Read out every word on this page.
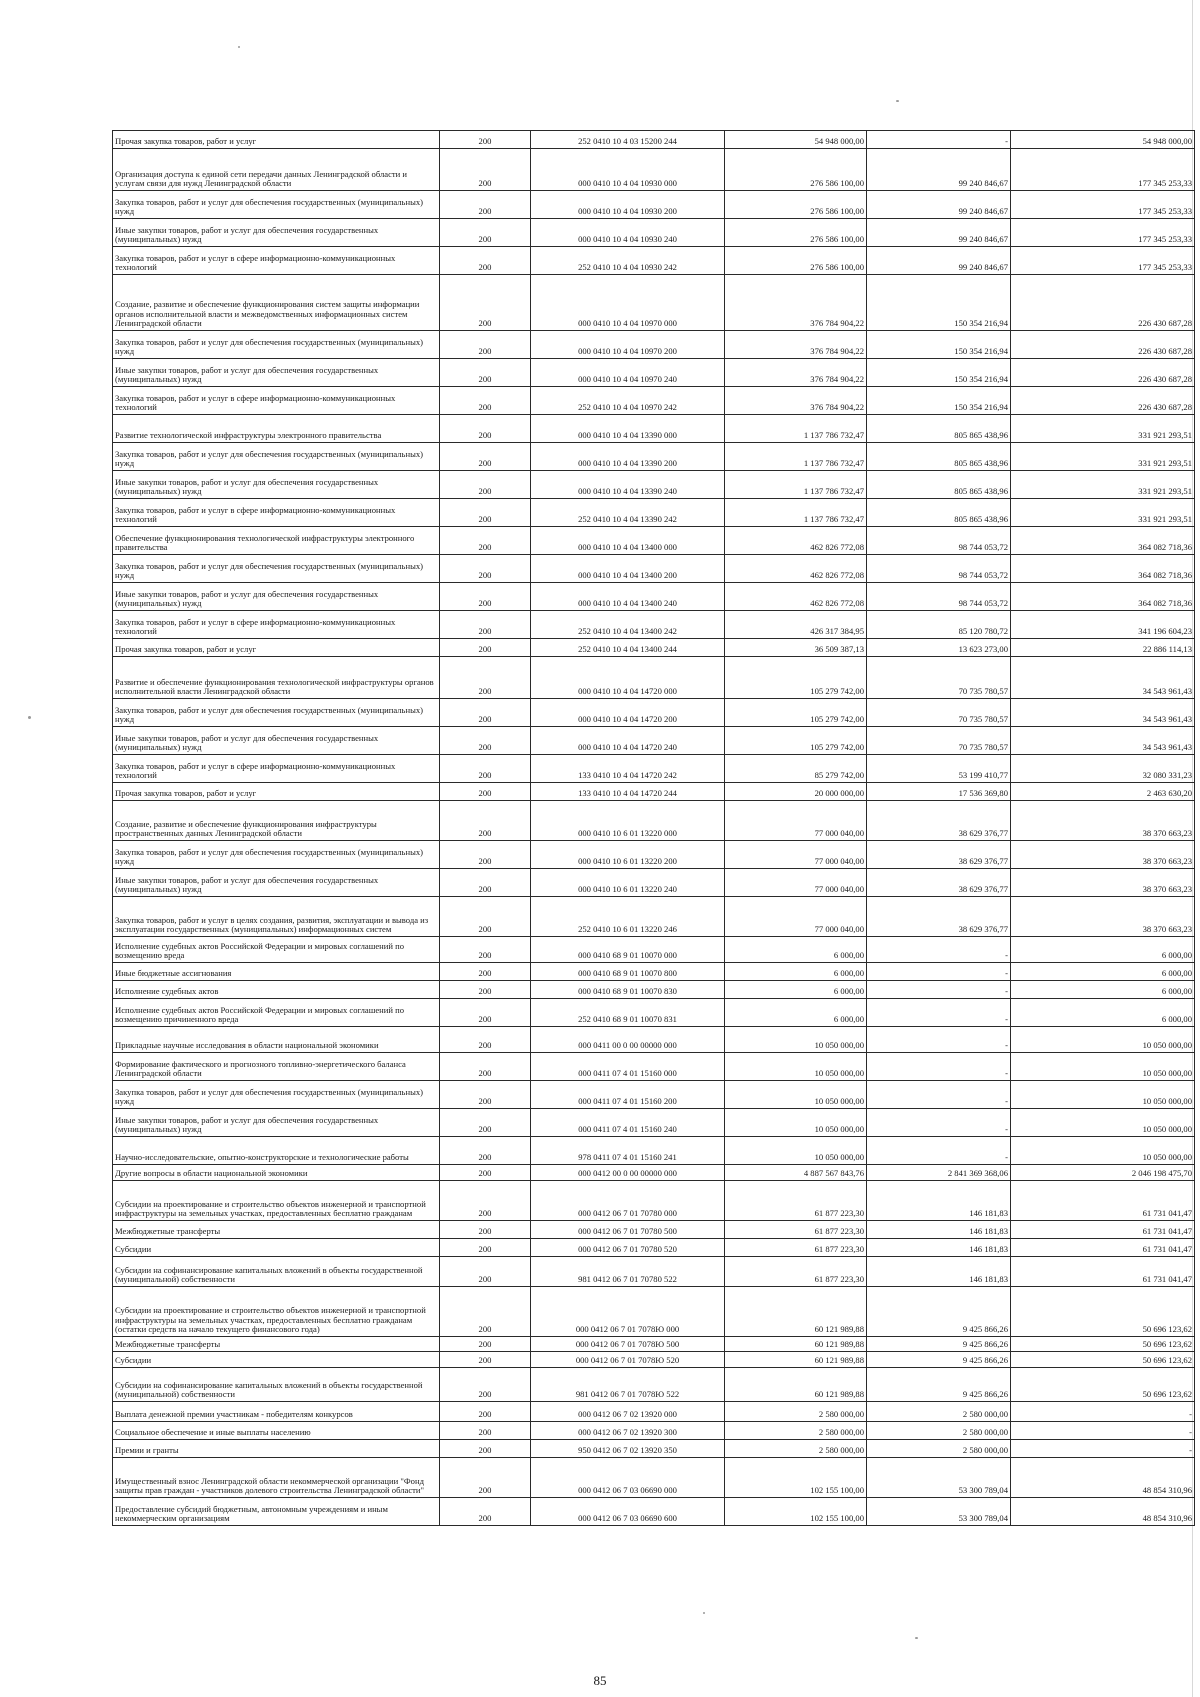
Прочая закупка товаров, работ и услуг	200	252 0410 10 4 03 15200 244	54 948 000,00	-	54 948 000,00
Организация доступа к единой сети передачи данных Ленинградской области и услугам связи для нужд Ленинградской области	200	000 0410 10 4 04 10930 000	276 586 100,00	99 240 846,67	177 345 253,33
Закупка товаров, работ и услуг для обеспечения государственных (муниципальных) нужд	200	000 0410 10 4 04 10930 200	276 586 100,00	99 240 846,67	177 345 253,33
Иные закупки товаров, работ и услуг для обеспечения государственных (муниципальных) нужд	200	000 0410 10 4 04 10930 240	276 586 100,00	99 240 846,67	177 345 253,33
Закупка товаров, работ и услуг в сфере информационно-коммуникационных технологий	200	252 0410 10 4 04 10930 242	276 586 100,00	99 240 846,67	177 345 253,33
Создание, развитие и обеспечение функционирования систем защиты информации органов исполнительной власти и межведомственных информационных систем Ленинградской области	200	000 0410 10 4 04 10970 000	376 784 904,22	150 354 216,94	226 430 687,28
Закупка товаров, работ и услуг для обеспечения государственных (муниципальных) нужд	200	000 0410 10 4 04 10970 200	376 784 904,22	150 354 216,94	226 430 687,28
Иные закупки товаров, работ и услуг для обеспечения государственных (муниципальных) нужд	200	000 0410 10 4 04 10970 240	376 784 904,22	150 354 216,94	226 430 687,28
Закупка товаров, работ и услуг в сфере информационно-коммуникационных технологий	200	252 0410 10 4 04 10970 242	376 784 904,22	150 354 216,94	226 430 687,28
Развитие технологической инфраструктуры электронного правительства	200	000 0410 10 4 04 13390 000	1 137 786 732,47	805 865 438,96	331 921 293,51
Закупка товаров, работ и услуг для обеспечения государственных (муниципальных) нужд	200	000 0410 10 4 04 13390 200	1 137 786 732,47	805 865 438,96	331 921 293,51
Иные закупки товаров, работ и услуг для обеспечения государственных (муниципальных) нужд	200	000 0410 10 4 04 13390 240	1 137 786 732,47	805 865 438,96	331 921 293,51
Закупка товаров, работ и услуг в сфере информационно-коммуникационных технологий	200	252 0410 10 4 04 13390 242	1 137 786 732,47	805 865 438,96	331 921 293,51
Обеспечение функционирования технологической инфраструктуры электронного правительства	200	000 0410 10 4 04 13400 000	462 826 772,08	98 744 053,72	364 082 718,36
Закупка товаров, работ и услуг для обеспечения государственных (муниципальных) нужд	200	000 0410 10 4 04 13400 200	462 826 772,08	98 744 053,72	364 082 718,36
Иные закупки товаров, работ и услуг для обеспечения государственных (муниципальных) нужд	200	000 0410 10 4 04 13400 240	462 826 772,08	98 744 053,72	364 082 718,36
Закупка товаров, работ и услуг в сфере информационно-коммуникационных технологий	200	252 0410 10 4 04 13400 242	426 317 384,95	85 120 780,72	341 196 604,23
Прочая закупка товаров, работ и услуг	200	252 0410 10 4 04 13400 244	36 509 387,13	13 623 273,00	22 886 114,13
Развитие и обеспечение функционирования технологической инфраструктуры органов исполнительной власти Ленинградской области	200	000 0410 10 4 04 14720 000	105 279 742,00	70 735 780,57	34 543 961,43
Закупка товаров, работ и услуг для обеспечения государственных (муниципальных) нужд	200	000 0410 10 4 04 14720 200	105 279 742,00	70 735 780,57	34 543 961,43
Иные закупки товаров, работ и услуг для обеспечения государственных (муниципальных) нужд	200	000 0410 10 4 04 14720 240	105 279 742,00	70 735 780,57	34 543 961,43
Закупка товаров, работ и услуг в сфере информационно-коммуникационных технологий	200	133 0410 10 4 04 14720 242	85 279 742,00	53 199 410,77	32 080 331,23
Прочая закупка товаров, работ и услуг	200	133 0410 10 4 04 14720 244	20 000 000,00	17 536 369,80	2 463 630,20
Создание, развитие и обеспечение функционирования инфраструктуры пространственных данных Ленинградской области	200	000 0410 10 6 01 13220 000	77 000 040,00	38 629 376,77	38 370 663,23
Закупка товаров, работ и услуг для обеспечения государственных (муниципальных) нужд	200	000 0410 10 6 01 13220 200	77 000 040,00	38 629 376,77	38 370 663,23
Иные закупки товаров, работ и услуг для обеспечения государственных (муниципальных) нужд	200	000 0410 10 6 01 13220 240	77 000 040,00	38 629 376,77	38 370 663,23
Закупка товаров, работ и услуг в целях создания, развития, эксплуатации и вывода из эксплуатации государственных (муниципальных) информационных систем	200	252 0410 10 6 01 13220 246	77 000 040,00	38 629 376,77	38 370 663,23
Исполнение судебных актов Российской Федерации и мировых соглашений по возмещению вреда	200	000 0410 68 9 01 10070 000	6 000,00	-	6 000,00
Иные бюджетные ассигнования	200	000 0410 68 9 01 10070 800	6 000,00	-	6 000,00
Исполнение судебных актов	200	000 0410 68 9 01 10070 830	6 000,00	-	6 000,00
Исполнение судебных актов Российской Федерации и мировых соглашений по возмещению причиненного вреда	200	252 0410 68 9 01 10070 831	6 000,00	-	6 000,00
Прикладные научные исследования в области национальной экономики	200	000 0411 00 0 00 00000 000	10 050 000,00	-	10 050 000,00
Формирование фактического и прогнозного топливно-энергетического баланса Ленинградской области	200	000 0411 07 4 01 15160 000	10 050 000,00	-	10 050 000,00
Закупка товаров, работ и услуг для обеспечения государственных (муниципальных) нужд	200	000 0411 07 4 01 15160 200	10 050 000,00	-	10 050 000,00
Иные закупки товаров, работ и услуг для обеспечения государственных (муниципальных) нужд	200	000 0411 07 4 01 15160 240	10 050 000,00	-	10 050 000,00
Научно-исследовательские, опытно-конструкторские и технологические работы	200	978 0411 07 4 01 15160 241	10 050 000,00	-	10 050 000,00
Другие вопросы в области национальной экономики	200	000 0412 00 0 00 00000 000	4 887 567 843,76	2 841 369 368,06	2 046 198 475,70
Субсидии на проектирование и строительство объектов инженерной и транспортной инфраструктуры на земельных участках, предоставленных бесплатно гражданам	200	000 0412 06 7 01 70780 000	61 877 223,30	146 181,83	61 731 041,47
Межбюджетные трансферты	200	000 0412 06 7 01 70780 500	61 877 223,30	146 181,83	61 731 041,47
Субсидии	200	000 0412 06 7 01 70780 520	61 877 223,30	146 181,83	61 731 041,47
Субсидии на софинансирование капитальных вложений в объекты государственной (муниципальной) собственности	200	981 0412 06 7 01 70780 522	61 877 223,30	146 181,83	61 731 041,47
Субсидии на проектирование и строительство объектов инженерной и транспортной инфраструктуры на земельных участках, предоставленных бесплатно гражданам (остатки средств на начало текущего финансового года)	200	000 0412 06 7 01 7078Ю 000	60 121 989,88	9 425 866,26	50 696 123,62
Межбюджетные трансферты	200	000 0412 06 7 01 7078Ю 500	60 121 989,88	9 425 866,26	50 696 123,62
Субсидии	200	000 0412 06 7 01 7078Ю 520	60 121 989,88	9 425 866,26	50 696 123,62
Субсидии на софинансирование капитальных вложений в объекты государственной (муниципальной) собственности	200	981 0412 06 7 01 7078Ю 522	60 121 989,88	9 425 866,26	50 696 123,62
Выплата денежной премии участникам - победителям конкурсов	200	000 0412 06 7 02 13920 000	2 580 000,00	2 580 000,00	-
Социальное обеспечение и иные выплаты населению	200	000 0412 06 7 02 13920 300	2 580 000,00	2 580 000,00	-
Премии и гранты	200	950 0412 06 7 02 13920 350	2 580 000,00	2 580 000,00	-
Имущественный взнос Ленинградской области некоммерческой организации "Фонд защиты прав граждан - участников долевого строительства Ленинградской области"	200	000 0412 06 7 03 06690 000	102 155 100,00	53 300 789,04	48 854 310,96
Предоставление субсидий бюджетным, автономным учреждениям и иным некоммерческим организациям	200	000 0412 06 7 03 06690 600	102 155 100,00	53 300 789,04	48 854 310,96
85
